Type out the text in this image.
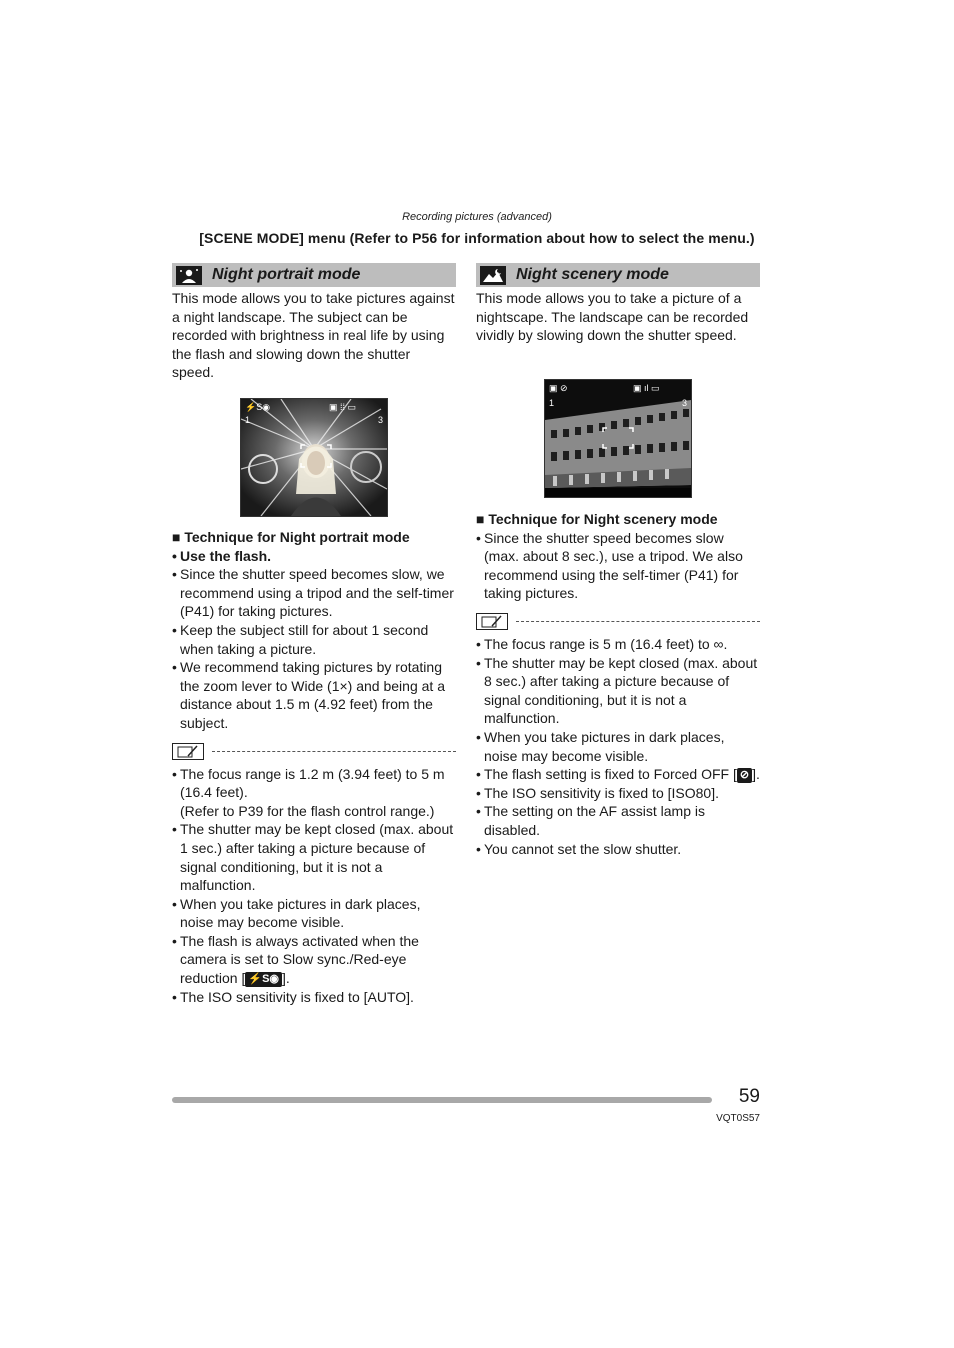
Recording pictures (advanced)
[SCENE MODE] menu (Refer to P56 for information about how to select the menu.)
Night portrait mode
This mode allows you to take pictures against a night landscape. The subject can be recorded with brightness in real life by using the flash and slowing down the shutter speed.
⚡S◉	▣ ⁞⁞ ▭
1	3
■ Technique for Night portrait mode
• Use the flash.
• Since the shutter speed becomes slow, we recommend using a tripod and the self-timer (P41) for taking pictures.
• Keep the subject still for about 1 second when taking a picture.
• We recommend taking pictures by rotating the zoom lever to Wide (1×) and being at a distance about 1.5 m (4.92 feet) from the subject.
• The focus range is 1.2 m (3.94 feet) to 5 m (16.4 feet).
(Refer to P39 for the flash control range.)
• The shutter may be kept closed (max. about 1 sec.) after taking a picture because of signal conditioning, but it is not a malfunction.
• When you take pictures in dark places, noise may become visible.
• The flash is always activated when the camera is set to Slow sync./Red-eye reduction [ ⚡S◉ ].
• The ISO sensitivity is fixed to [AUTO].
Night scenery mode
This mode allows you to take a picture of a nightscape. The landscape can be recorded vividly by slowing down the shutter speed.
▣ ⊘	▣ ıl ▭
1	3
■ Technique for Night scenery mode
• Since the shutter speed becomes slow (max. about 8 sec.), use a tripod. We also recommend using the self-timer (P41) for taking pictures.
• The focus range is 5 m (16.4 feet) to ∞.
• The shutter may be kept closed (max. about 8 sec.) after taking a picture because of signal conditioning, but it is not a malfunction.
• When you take pictures in dark places, noise may become visible.
• The flash setting is fixed to Forced OFF [ ⊘ ].
• The ISO sensitivity is fixed to [ISO80].
• The setting on the AF assist lamp is disabled.
• You cannot set the slow shutter.
59
VQT0S57
